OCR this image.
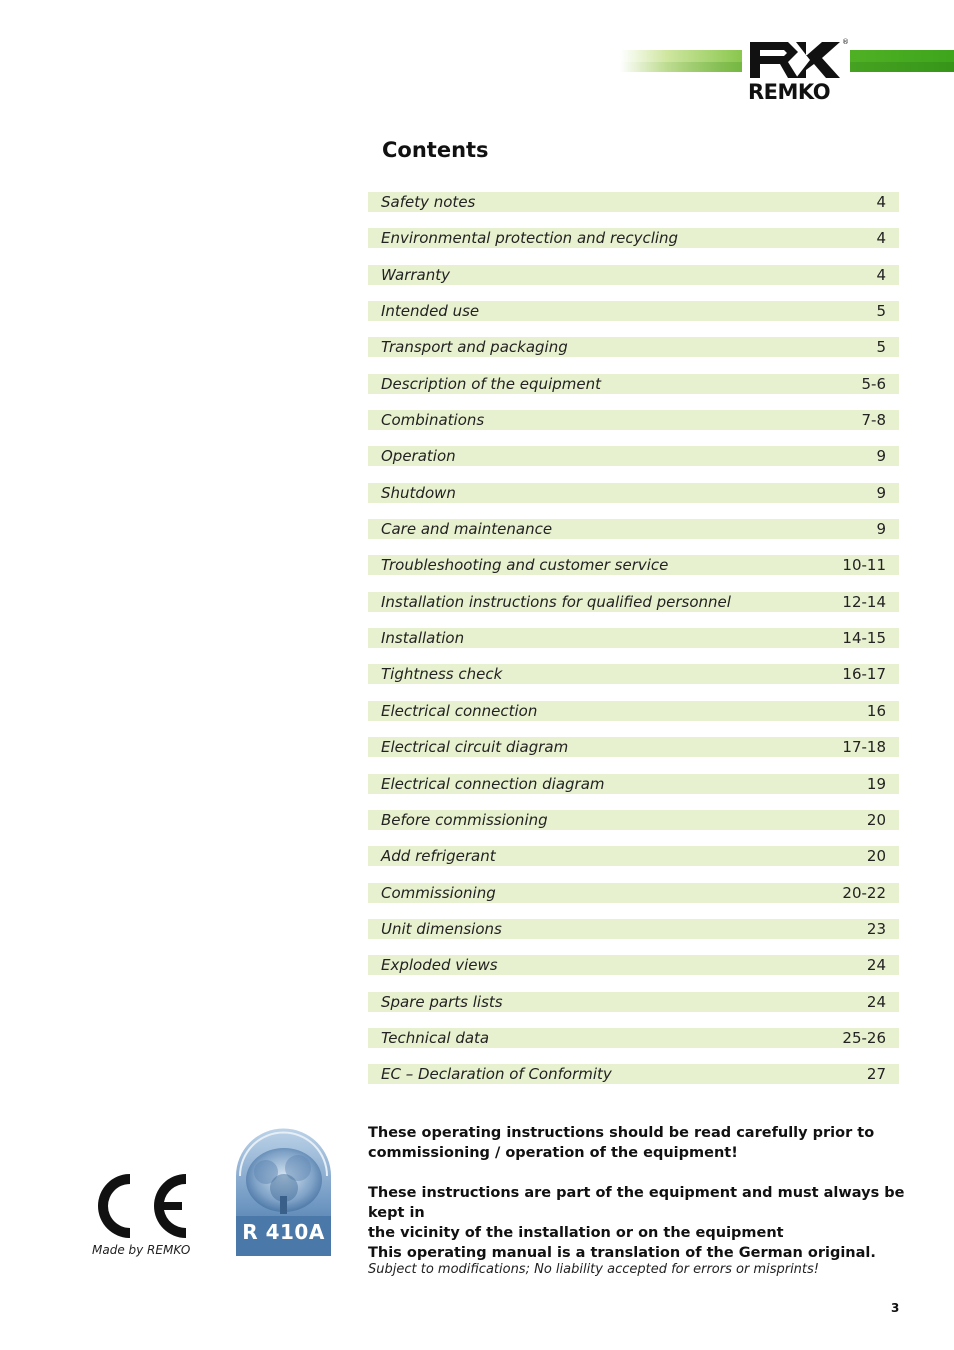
®
REMKO
Contents
Safety notes	4
Environmental protection and recycling	4
Warranty	4
Intended use	5
Transport and packaging	5
Description of the equipment	5-6
Combinations	7-8
Operation	9
Shutdown	9
Care and maintenance	9
Troubleshooting and customer service	10-11
Installation instructions for qualified personnel	12-14
Installation	14-15
Tightness check	16-17
Electrical connection	16
Electrical circuit diagram	17-18
Electrical connection diagram	19
Before commissioning	20
Add refrigerant	20
Commissioning	20-22
Unit dimensions	23
Exploded views	24
Spare parts lists	24
Technical data	25-26
EC – Declaration of Conformity	27
These operating instructions should be read carefully prior to
commissioning / operation of the equipment!
These instructions are part of the equipment and must always be kept in
the vicinity of the installation or on the equipment
This operating manual is a translation of the German original.
Subject to modifications; No liability accepted for errors or misprints!
Made by REMKO
R 410A
3
